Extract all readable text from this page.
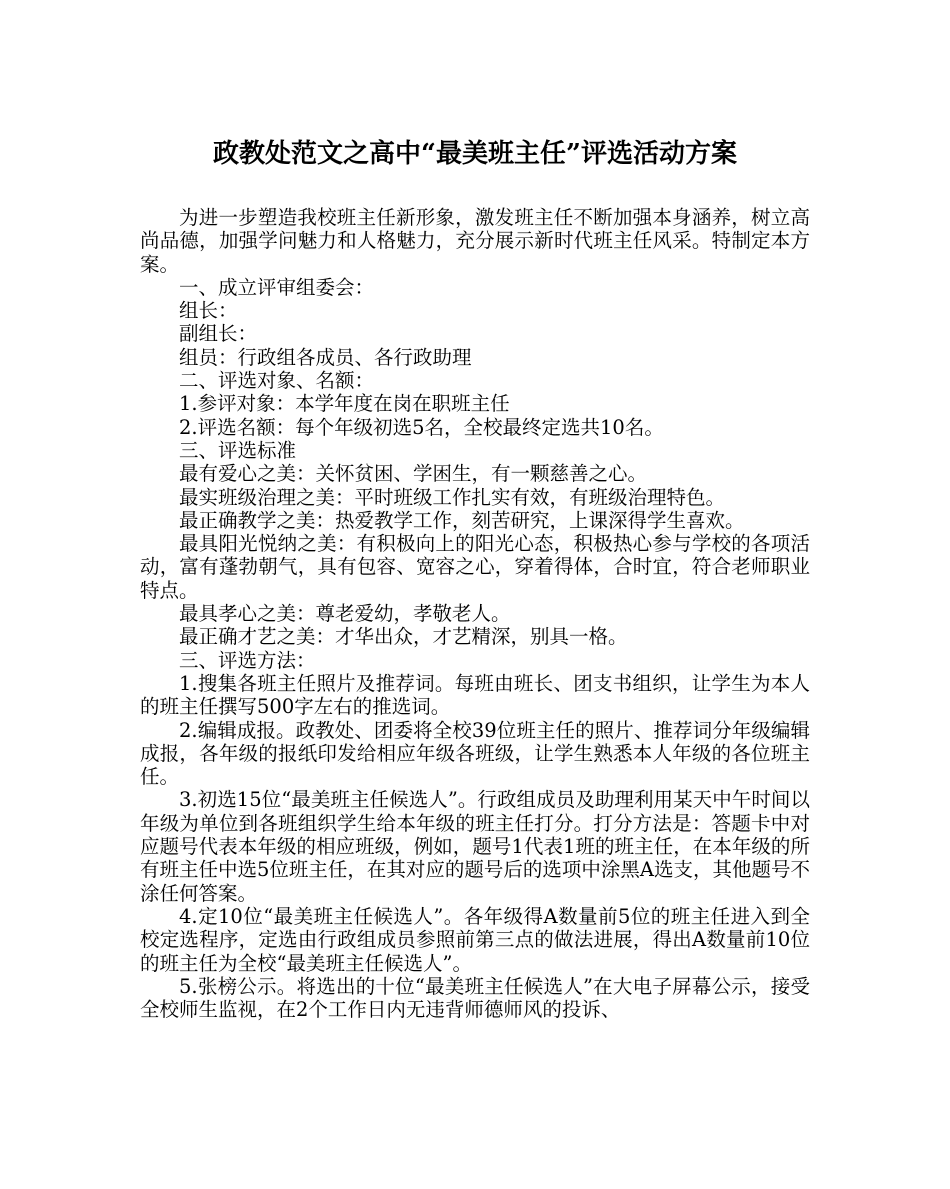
政教处范文之高中“最美班主任”评选活动方案

为进一步塑造我校班主任新形象，激发班主任不断加强本身涵养，树立高尚品德，加强学问魅力和人格魅力，充分展示新时代班主任风采。特制定本方案。

一、成立评审组委会：

组长：

副组长：

组员：行政组各成员、各行政助理

二、评选对象、名额：

1.参评对象：本学年度在岗在职班主任

2.评选名额：每个年级初选5名，全校最终定选共10名。

三、评选标准

最有爱心之美：关怀贫困、学困生，有一颗慈善之心。

最实班级治理之美：平时班级工作扎实有效，有班级治理特色。

最正确教学之美：热爱教学工作，刻苦研究，上课深得学生喜欢。

最具阳光悦纳之美：有积极向上的阳光心态，积极热心参与学校的各项活动，富有蓬勃朝气，具有包容、宽容之心，穿着得体，合时宜，符合老师职业特点。

最具孝心之美：尊老爱幼，孝敬老人。

最正确才艺之美：才华出众，才艺精深，别具一格。

三、评选方法：

1.搜集各班主任照片及推荐词。每班由班长、团支书组织，让学生为本人的班主任撰写500字左右的推选词。

2.编辑成报。政教处、团委将全校39位班主任的照片、推荐词分年级编辑成报，各年级的报纸印发给相应年级各班级，让学生熟悉本人年级的各位班主任。

3.初选15位“最美班主任候选人”。行政组成员及助理利用某天中午时间以年级为单位到各班组织学生给本年级的班主任打分。打分方法是：答题卡中对应题号代表本年级的相应班级，例如，题号1代表1班的班主任，在本年级的所有班主任中选5位班主任，在其对应的题号后的选项中涂黑A选支，其他题号不涂任何答案。

4.定10位“最美班主任候选人”。各年级得A数量前5位的班主任进入到全校定选程序，定选由行政组成员参照前第三点的做法进展，得出A数量前10位的班主任为全校“最美班主任候选人”。

5.张榜公示。将选出的十位“最美班主任候选人”在大电子屏幕公示，接受全校师生监视，在2个工作日内无违背师德师风的投诉、
